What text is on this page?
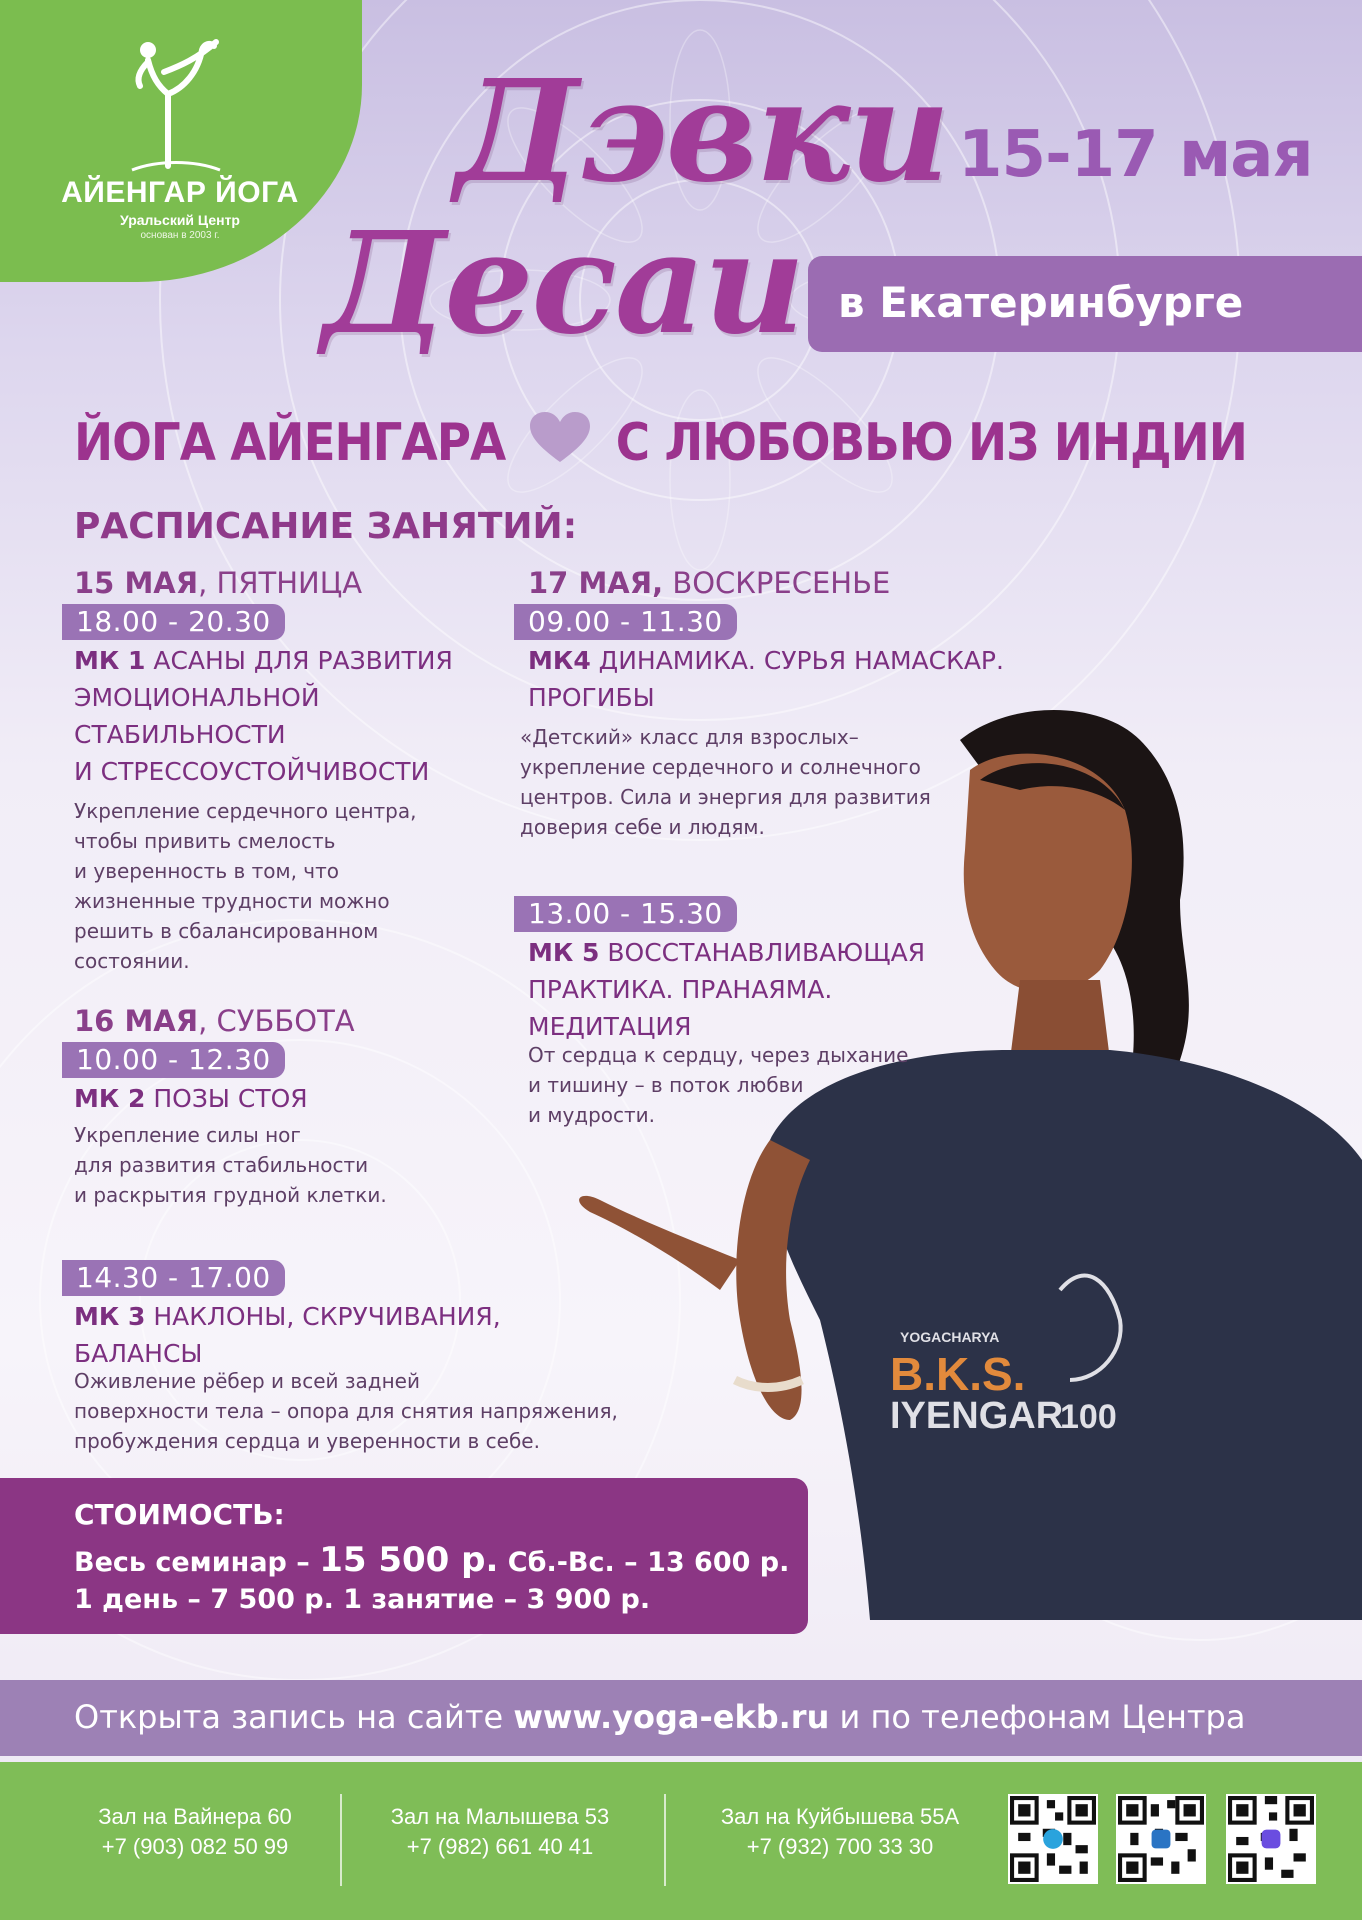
АЙЕНГАР ЙОГА
Уральский Центр
основан в 2003 г.
Дэвки
Десаи
15-17 мая
в Екатеринбурге
ЙОГА АЙЕНГАРА С ЛЮБОВЬЮ ИЗ ИНДИИ
YOGACHARYA
B.K.S.
IYENGAR
100
РАСПИСАНИЕ ЗАНЯТИЙ:
15 МАЯ, ПЯТНИЦА
18.00 - 20.30
МК 1 АСАНЫ ДЛЯ РАЗВИТИЯ
ЭМОЦИОНАЛЬНОЙ
СТАБИЛЬНОСТИ
И СТРЕССОУСТОЙЧИВОСТИ
Укрепление сердечного центра,
чтобы привить смелость
и уверенность в том, что
жизненные трудности можно
решить в сбалансированном
состоянии.
16 МАЯ, СУББОТА
10.00 - 12.30
МК 2 ПОЗЫ СТОЯ
Укрепление силы ног
для развития стабильности
и раскрытия грудной клетки.
14.30 - 17.00
МК 3 НАКЛОНЫ, СКРУЧИВАНИЯ,
БАЛАНСЫ
Оживление рёбер и всей задней
поверхности тела – опора для снятия напряжения,
пробуждения сердца и уверенности в себе.
17 МАЯ, ВОСКРЕСЕНЬЕ
09.00 - 11.30
МК4 ДИНАМИКА. СУРЬЯ НАМАСКАР.
ПРОГИБЫ
«Детский» класс для взрослых–
укрепление сердечного и солнечного
центров. Сила и энергия для развития
доверия себе и людям.
13.00 - 15.30
МК 5 ВОССТАНАВЛИВАЮЩАЯ
ПРАКТИКА. ПРАНАЯМА.
МЕДИТАЦИЯ
От сердца к сердцу, через дыхание
и тишину – в поток любви
и мудрости.
СТОИМОСТЬ:
Весь семинар – 15 500 р. Сб.-Вс. – 13 600 р.
1 день – 7 500 р. 1 занятие – 3 900 р.
Открыта запись на сайте www.yoga-ekb.ru и по телефонам Центра
Зал на Вайнера 60
+7 (903) 082 50 99
Зал на Малышева 53
+7 (982) 661 40 41
Зал на Куйбышева 55А
+7 (932) 700 33 30
